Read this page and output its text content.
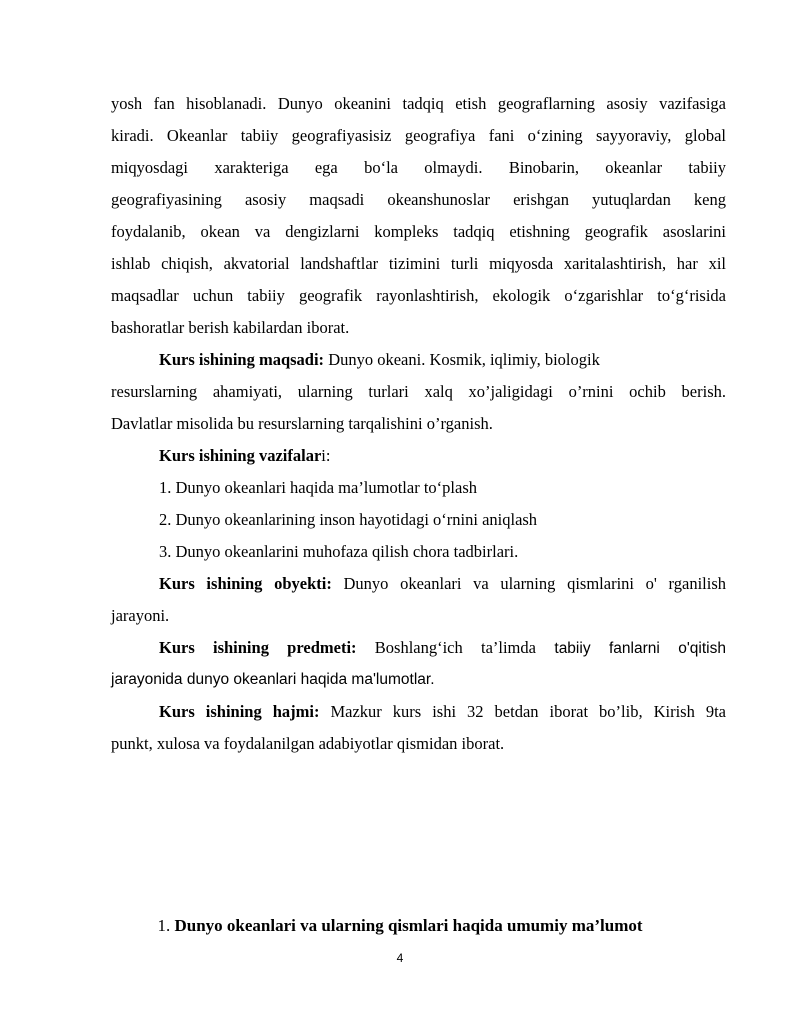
yosh fan hisoblanadi. Dunyo okeanini tadqiq etish geograflarning asosiy vazifasiga
kiradi. Okeanlar tabiiy geografiyasisiz geografiya fani o‘zining sayyoraviy, global
miqyosdagi xarakteriga ega bo‘la olmaydi. Binobarin, okeanlar tabiiy
geografiyasining asosiy maqsadi okeanshunoslar erishgan yutuqlardan keng
foydalanib, okean va dengizlarni kompleks tadqiq etishning geografik asoslarini
ishlab chiqish, akvatorial landshaftlar tizimini turli miqyosda xaritalashtirish, har xil
maqsadlar uchun tabiiy geografik rayonlashtirish, ekologik o‘zgarishlar to‘g‘risida
bashoratlar berish kabilardan iborat.
Kurs ishining maqsadi: Dunyo okeani. Kosmik, iqlimiy, biologik
resurslarning ahamiyati, ularning turlari xalq xo’jaligidagi o’rnini ochib berish.
Davlatlar misolida bu resurslarning tarqalishini o’rganish.
Kurs ishining vazifalari:
1. Dunyo okeanlari haqida ma’lumotlar to‘plash
2. Dunyo okeanlarining inson hayotidagi o‘rnini aniqlash
3. Dunyo okeanlarini muhofaza qilish chora tadbirlari.
Kurs ishining obyekti: Dunyo okeanlari va ularning qismlarini o' rganilish
jarayoni.
Kurs ishining predmeti: Boshlang‘ich ta’limda tabiiy fanlarni o'qitish
jarayonida dunyo okeanlari haqida ma'lumotlar.
Kurs ishining hajmi: Mazkur kurs ishi 32 betdan iborat bo’lib, Kirish 9ta
punkt, xulosa va foydalanilgan adabiyotlar qismidan iborat.
1. Dunyo okeanlari va ularning qismlari haqida umumiy ma’lumot
4
